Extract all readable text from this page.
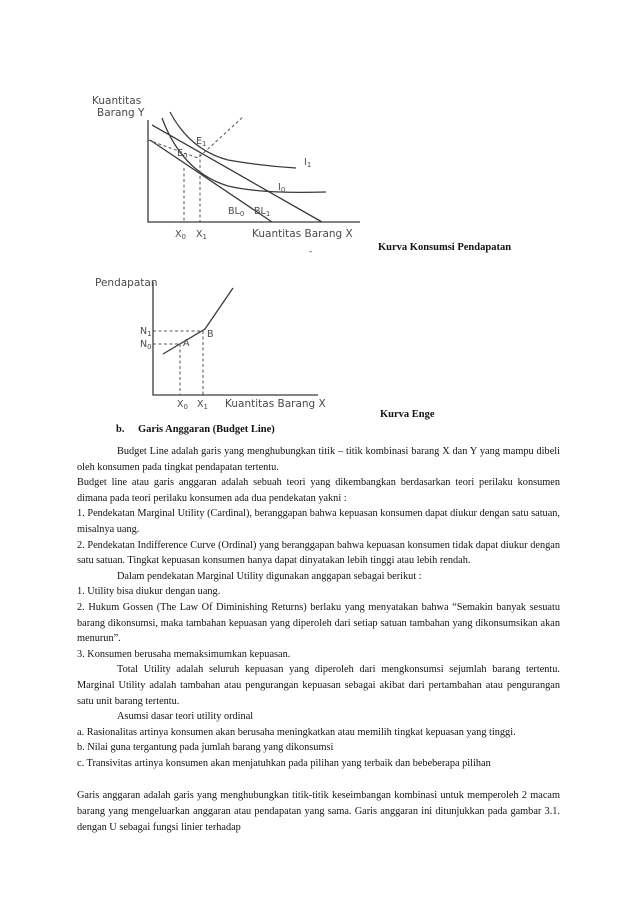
Kuantitas
Barang Y
$E_0$
$E_1$
$I_1$
$I_0$
$BL_0$ $BL_1$
$X_0$ $X_1$	Kuantitas Barang X
-	Kurva Konsumsi Pendapatan
Pendapatan
$N_1$
$N_0$	A
B
$X_0$ $X_1$ Kuantitas Barang X
Kurva Enge
b. Garis Anggaran (Budget Line)

Budget Line adalah garis yang menghubungkan titik – titik kombinasi barang X dan Y yang mampu dibeli oleh konsumen pada tingkat pendapatan tertentu.

Budget line atau garis anggaran adalah sebuah teori yang dikembangkan berdasarkan teori perilaku konsumen dimana pada teori perilaku konsumen ada dua pendekatan yakni :

1. Pendekatan Marginal Utility (Cardinal), beranggapan bahwa kepuasan konsumen dapat diukur dengan satu satuan, misalnya uang.

2. Pendekatan Indifference Curve (Ordinal) yang beranggapan bahwa kepuasan konsumen tidak dapat diukur dengan satu satuan. Tingkat kepuasan konsumen hanya dapat dinyatakan lebih tinggi atau lebih rendah.

Dalam pendekatan Marginal Utility digunakan anggapan sebagai berikut :

1. Utility bisa diukur dengan uang.

2. Hukum Gossen (The Law Of Diminishing Returns) berlaku yang menyatakan bahwa “Semakin banyak sesuatu barang dikonsumsi, maka tambahan kepuasan yang diperoleh dari setiap satuan tambahan yang dikonsumsikan akan menurun”.

3. Konsumen berusaha memaksimumkan kepuasan.

Total Utility adalah seluruh kepuasan yang diperoleh dari mengkonsumsi sejumlah barang tertentu. Marginal Utility adalah tambahan atau pengurangan kepuasan sebagai akibat dari pertambahan atau pengurangan satu unit barang tertentu.

Asumsi dasar teori utility ordinal

a. Rasionalitas artinya konsumen akan berusaha meningkatkan atau memilih tingkat kepuasan yang tinggi.

b. Nilai guna tergantung pada jumlah barang yang dikonsumsi

c. Transivitas artinya konsumen akan menjatuhkan pada pilihan yang terbaik dan bebeberapa pilihan

Garis anggaran adalah garis yang menghubungkan titik-titik keseimbangan kombinasi untuk memperoleh 2 macam barang yang mengeluarkan anggaran atau pendapatan yang sama. Garis anggaran ini ditunjukkan pada gambar 3.1. dengan U sebagai fungsi linier terhadap
